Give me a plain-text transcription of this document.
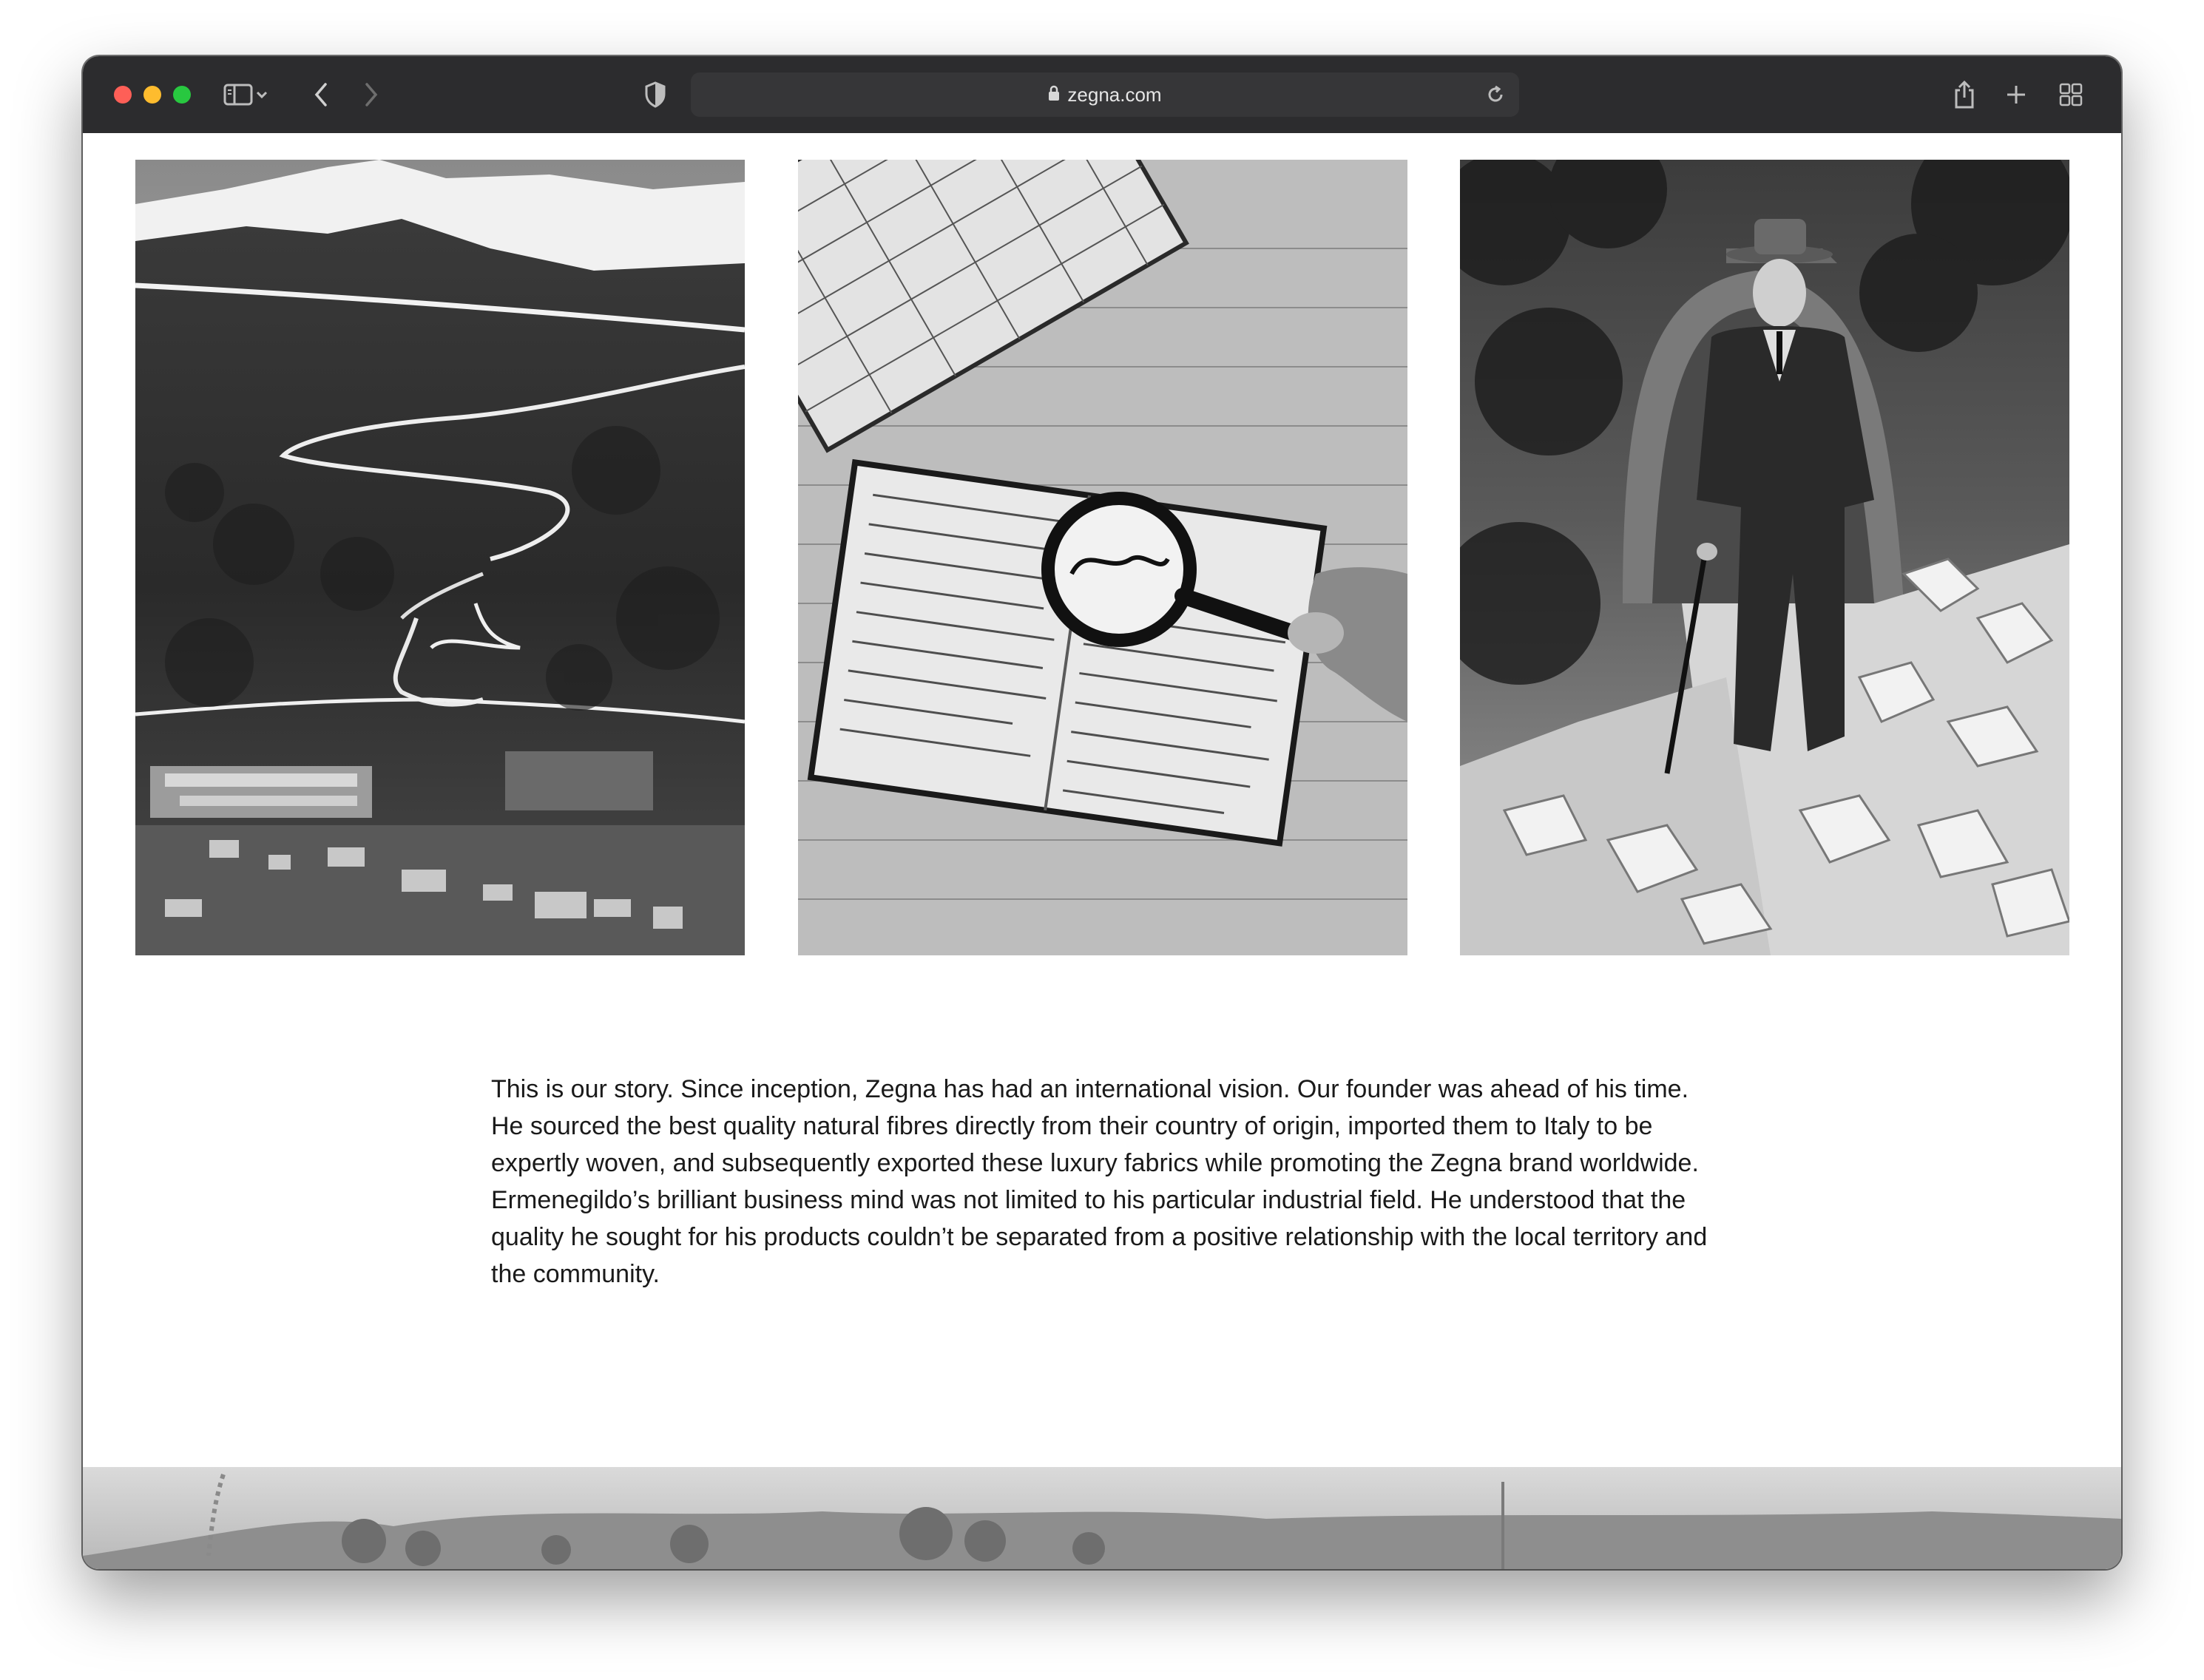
zegna.com

This is our story. Since inception, Zegna has had an international vision. Our founder was ahead of his time. He sourced the best quality natural fibres directly from their country of origin, imported them to Italy to be expertly woven, and subsequently exported these luxury fabrics while promoting the Zegna brand worldwide. Ermenegildo’s brilliant business mind was not limited to his particular industrial field. He understood that the quality he sought for his products couldn’t be separated from a positive relationship with the local territory and the community.
